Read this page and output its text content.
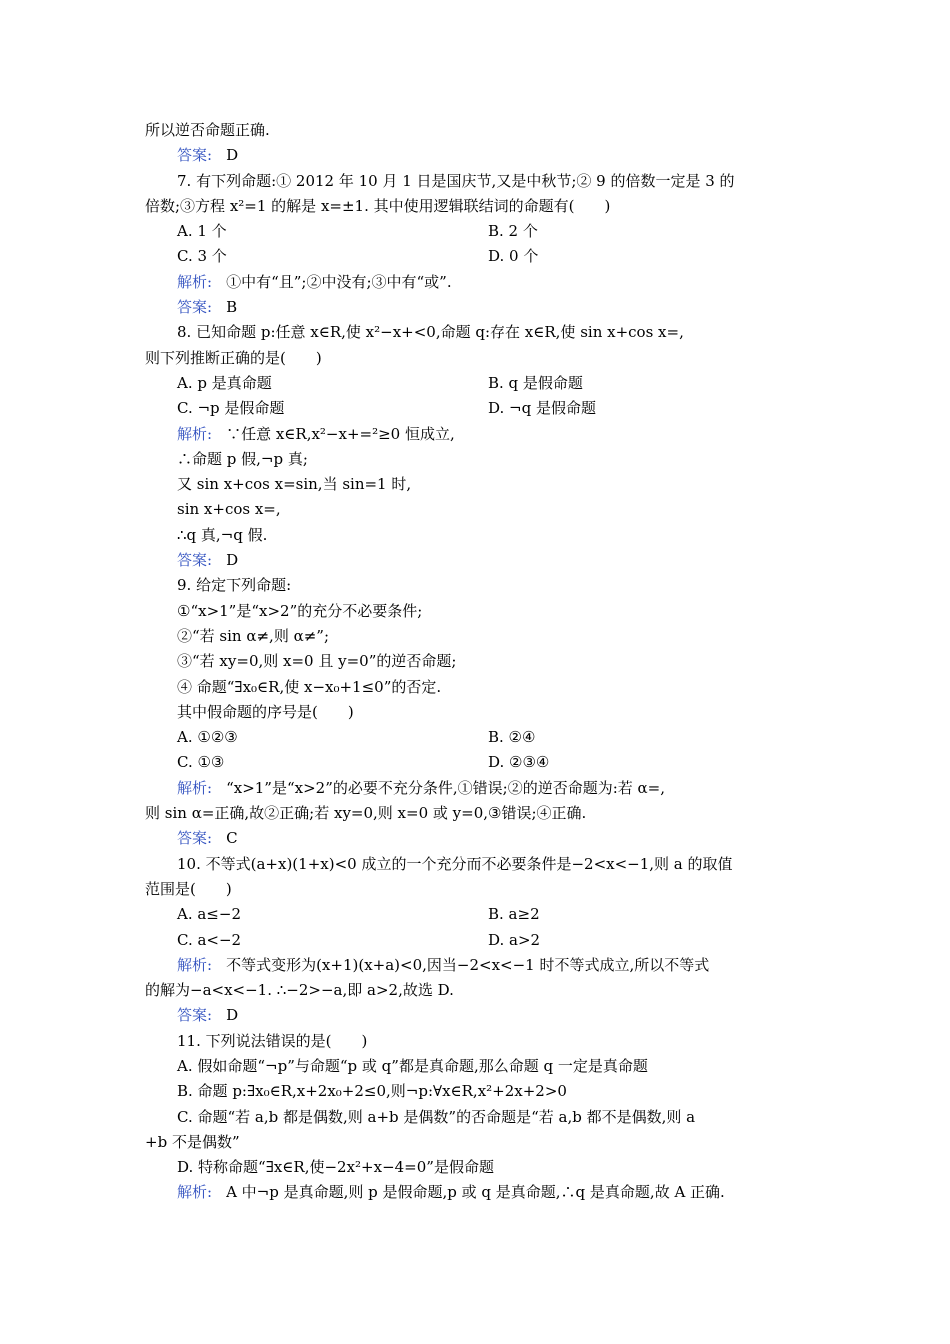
所以逆否命题正确.
答案: D
7. 有下列命题:① 2012 年 10 月 1 日是国庆节,又是中秋节;② 9 的倍数一定是 3 的
倍数;③方程 x²=1 的解是 x=±1. 其中使用逻辑联结词的命题有(　　)
A. 1 个	B. 2 个
C. 3 个	D. 0 个
解析: ①中有“且”;②中没有;③中有“或”.
答案: B
8. 已知命题 p:任意 x∈R,使 x²−x+<0,命题 q:存在 x∈R,使 sin x+cos x=,
则下列推断正确的是(　　)
A. p 是真命题	B. q 是假命题
C. ¬p 是假命题	D. ¬q 是假命题
解析: ∵任意 x∈R,x²−x+=²≥0 恒成立,
∴命题 p 假,¬p 真;
又 sin x+cos x=sin,当 sin=1 时,
sin x+cos x=,
∴q 真,¬q 假.
答案: D
9. 给定下列命题:
①“x>1”是“x>2”的充分不必要条件;
②“若 sin α≠,则 α≠”;
③“若 xy=0,则 x=0 且 y=0”的逆否命题;
④ 命题“∃x₀∈R,使 x−x₀+1≤0”的否定.
其中假命题的序号是(　　)
A. ①②③	B. ②④
C. ①③	D. ②③④
解析: “x>1”是“x>2”的必要不充分条件,①错误;②的逆否命题为:若 α=,
则 sin α=正确,故②正确;若 xy=0,则 x=0 或 y=0,③错误;④正确.
答案: C
10. 不等式(a+x)(1+x)<0 成立的一个充分而不必要条件是−2<x<−1,则 a 的取值
范围是(　　)
A. a≤−2	B. a≥2
C. a<−2	D. a>2
解析: 不等式变形为(x+1)(x+a)<0,因当−2<x<−1 时不等式成立,所以不等式
的解为−a<x<−1. ∴−2>−a,即 a>2,故选 D.
答案: D
11. 下列说法错误的是(　　)
A. 假如命题“¬p”与命题“p 或 q”都是真命题,那么命题 q 一定是真命题
B. 命题 p:∃x₀∈R,x+2x₀+2≤0,则¬p:∀x∈R,x²+2x+2>0
C. 命题“若 a,b 都是偶数,则 a+b 是偶数”的否命题是“若 a,b 都不是偶数,则 a
+b 不是偶数”
D. 特称命题“∃x∈R,使−2x²+x−4=0”是假命题
解析: A 中¬p 是真命题,则 p 是假命题,p 或 q 是真命题,∴q 是真命题,故 A 正确.
